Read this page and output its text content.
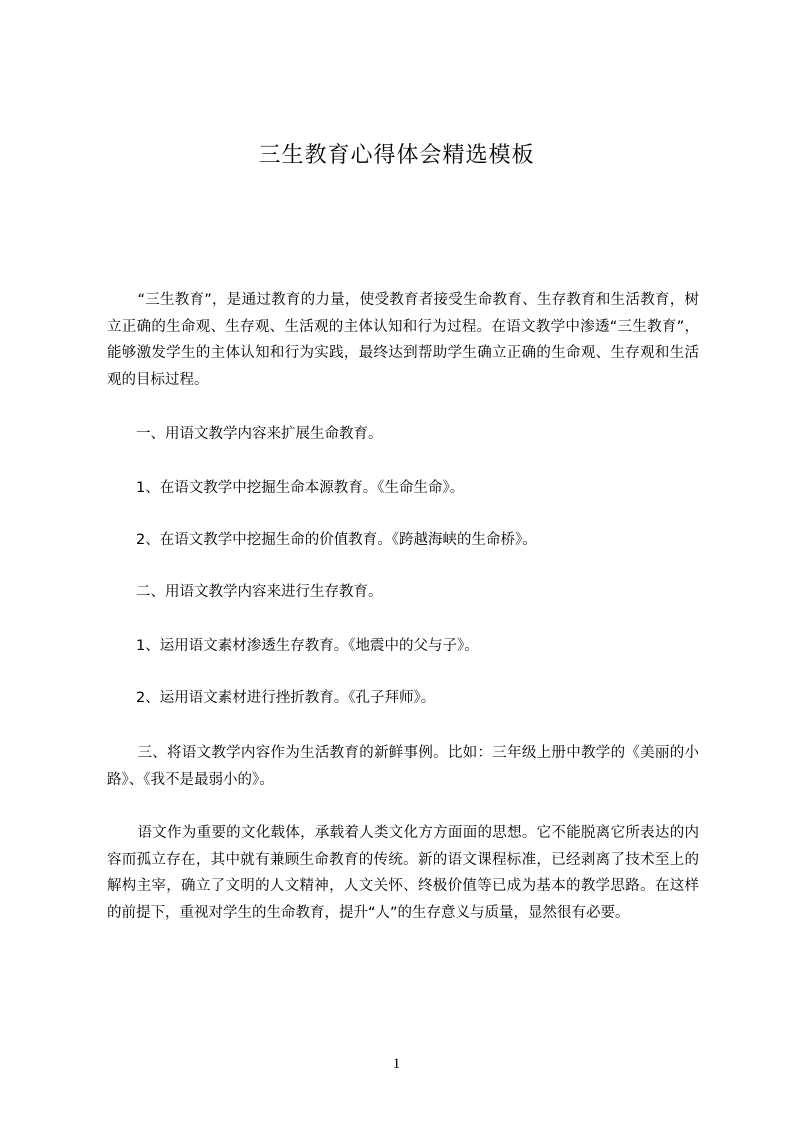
三生教育心得体会精选模板

“三生教育”，是通过教育的力量，使受教育者接受生命教育、生存教育和生活教育，树立正确的生命观、生存观、生活观的主体认知和行为过程。在语文教学中渗透“三生教育”，能够激发学生的主体认知和行为实践，最终达到帮助学生确立正确的生命观、生存观和生活观的目标过程。

一、用语文教学内容来扩展生命教育。

1、在语文教学中挖掘生命本源教育。《生命生命》。

2、在语文教学中挖掘生命的价值教育。《跨越海峡的生命桥》。

二、用语文教学内容来进行生存教育。

1、运用语文素材渗透生存教育。《地震中的父与子》。

2、运用语文素材进行挫折教育。《孔子拜师》。

三、将语文教学内容作为生活教育的新鲜事例。比如：三年级上册中教学的《美丽的小路》、《我不是最弱小的》。

语文作为重要的文化载体，承载着人类文化方方面面的思想。它不能脱离它所表达的内容而孤立存在，其中就有兼顾生命教育的传统。新的语文课程标准，已经剥离了技术至上的解构主宰，确立了文明的人文精神，人文关怀、终极价值等已成为基本的教学思路。在这样的前提下，重视对学生的生命教育，提升“人”的生存意义与质量，显然很有必要。

1
